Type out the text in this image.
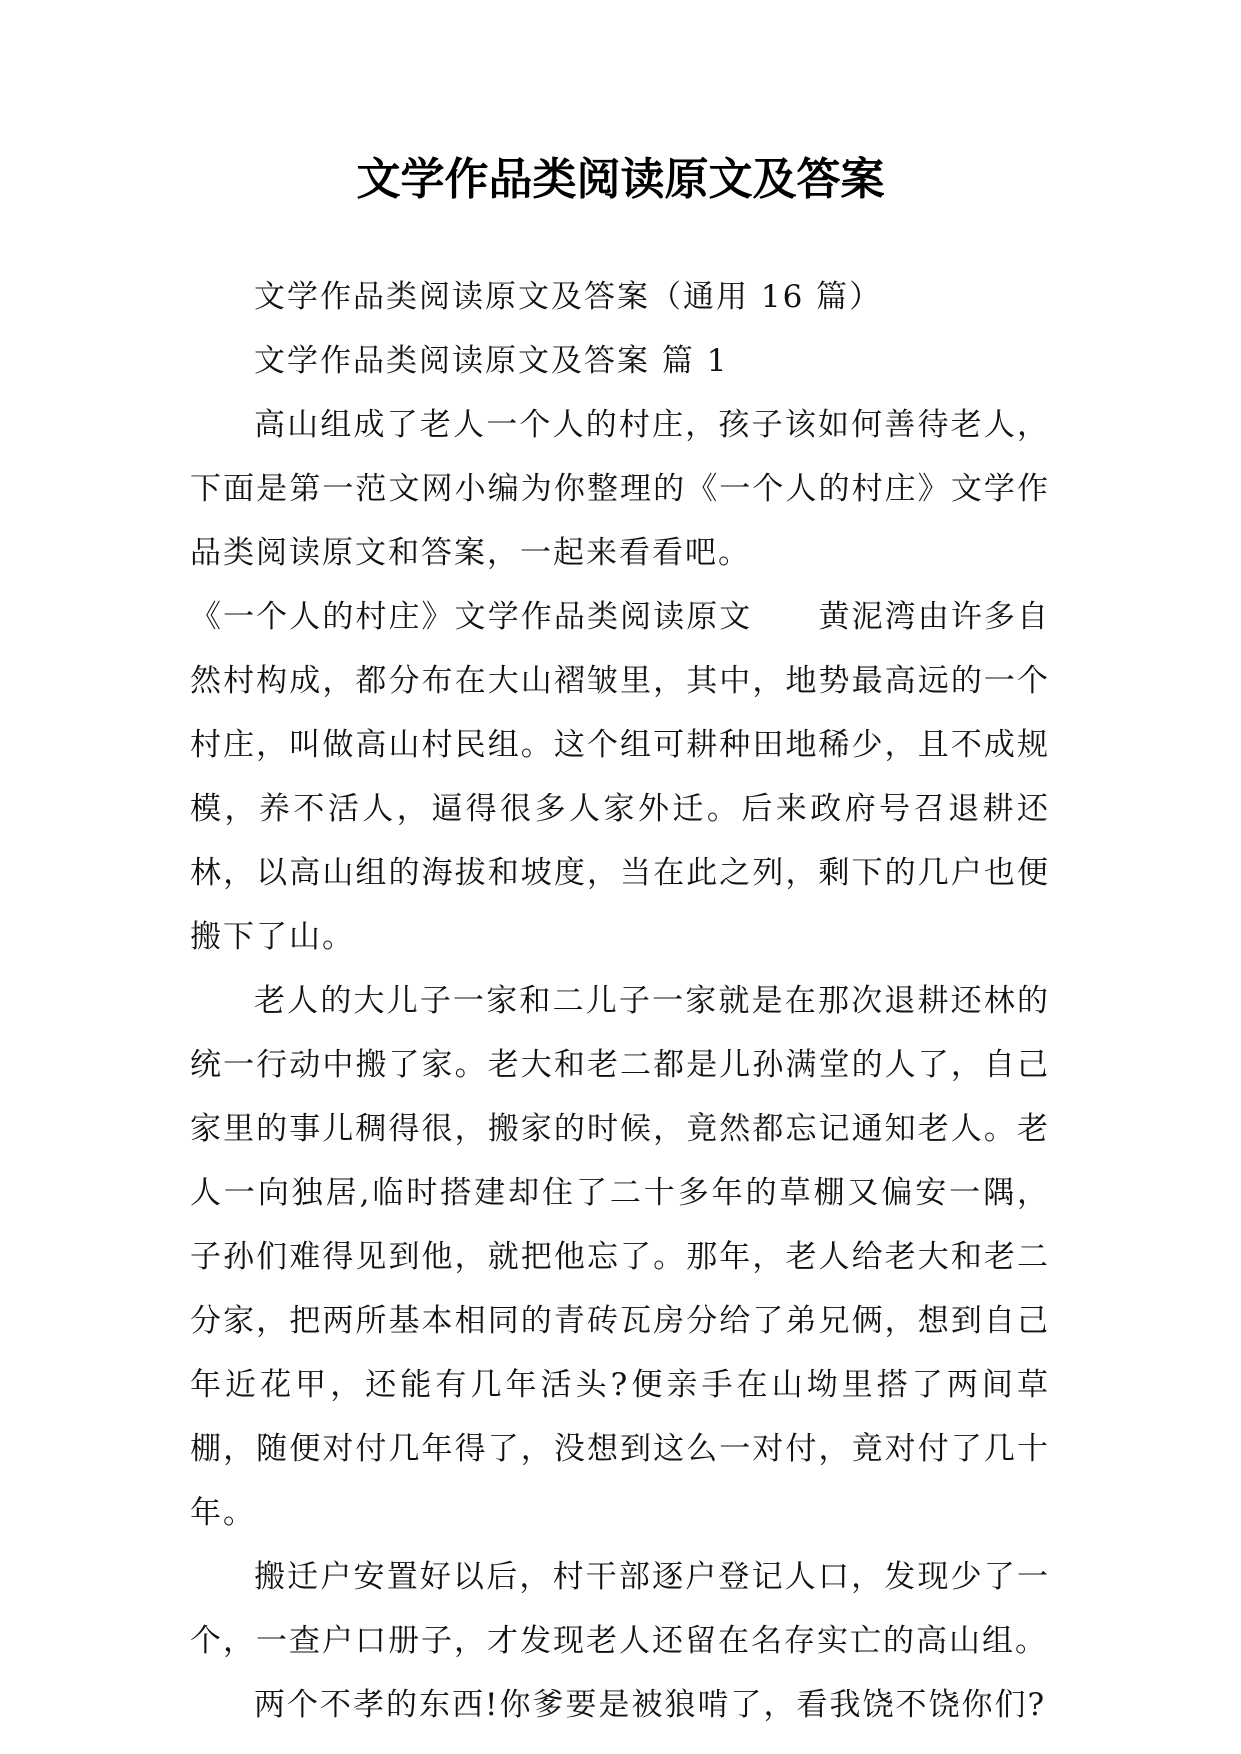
文学作品类阅读原文及答案

文学作品类阅读原文及答案（通用 16 篇）

文学作品类阅读原文及答案 篇 1

高山组成了老人一个人的村庄，孩子该如何善待老人，下面是第一范文网小编为你整理的《一个人的村庄》文学作品类阅读原文和答案，一起来看看吧。

《一个人的村庄》文学作品类阅读原文　　黄泥湾由许多自然村构成，都分布在大山褶皱里，其中，地势最高远的一个村庄，叫做高山村民组。这个组可耕种田地稀少，且不成规模，养不活人，逼得很多人家外迁。后来政府号召退耕还林，以高山组的海拔和坡度，当在此之列，剩下的几户也便搬下了山。

老人的大儿子一家和二儿子一家就是在那次退耕还林的统一行动中搬了家。老大和老二都是儿孙满堂的人了，自己家里的事儿稠得很，搬家的时候，竟然都忘记通知老人。老人一向独居,临时搭建却住了二十多年的草棚又偏安一隅，子孙们难得见到他，就把他忘了。那年，老人给老大和老二分家，把两所基本相同的青砖瓦房分给了弟兄俩，想到自己年近花甲，还能有几年活头?便亲手在山坳里搭了两间草棚，随便对付几年得了，没想到这么一对付，竟对付了几十年。

搬迁户安置好以后，村干部逐户登记人口，发现少了一个，一查户口册子，才发现老人还留在名存实亡的高山组。

两个不孝的东西!你爹要是被狼啃了，看我饶不饶你们?
